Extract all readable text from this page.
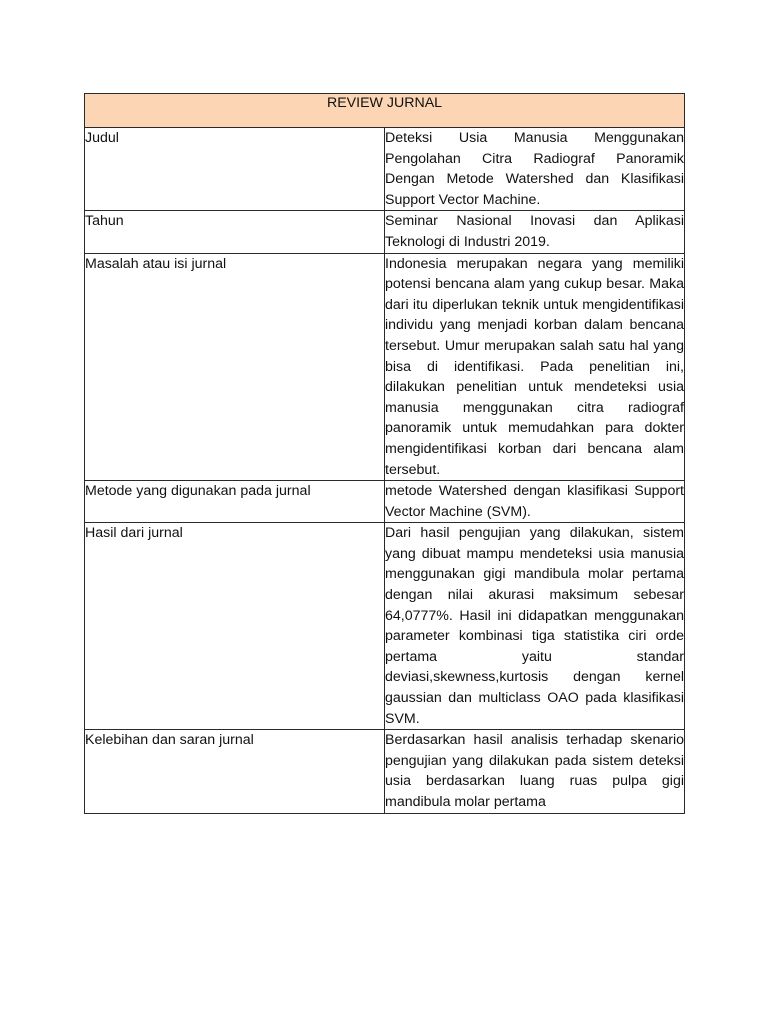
REVIEW JURNAL	
Judul	Deteksi Usia Manusia Menggunakan Pengolahan Citra Radiograf Panoramik Dengan Metode Watershed dan Klasifikasi Support Vector Machine.
Tahun	Seminar Nasional Inovasi dan Aplikasi Teknologi di Industri 2019.
Masalah atau isi jurnal	Indonesia merupakan negara yang memiliki potensi bencana alam yang cukup besar. Maka dari itu diperlukan teknik untuk mengidentifikasi individu yang menjadi korban dalam bencana tersebut. Umur merupakan salah satu hal yang bisa di identifikasi. Pada penelitian ini, dilakukan penelitian untuk mendeteksi usia manusia menggunakan citra radiograf panoramik untuk memudahkan para dokter mengidentifikasi korban dari bencana alam tersebut.
Metode yang digunakan pada jurnal	metode Watershed dengan klasifikasi Support Vector Machine (SVM).
Hasil dari jurnal	Dari hasil pengujian yang dilakukan, sistem yang dibuat mampu mendeteksi usia manusia menggunakan gigi mandibula molar pertama dengan nilai akurasi maksimum sebesar 64,0777%. Hasil ini didapatkan menggunakan parameter kombinasi tiga statistika ciri orde pertama yaitu standar deviasi,skewness,kurtosis dengan kernel gaussian dan multiclass OAO pada klasifikasi SVM.
Kelebihan dan saran jurnal	Berdasarkan hasil analisis terhadap skenario pengujian yang dilakukan pada sistem deteksi usia berdasarkan luang ruas pulpa gigi mandibula molar pertama
